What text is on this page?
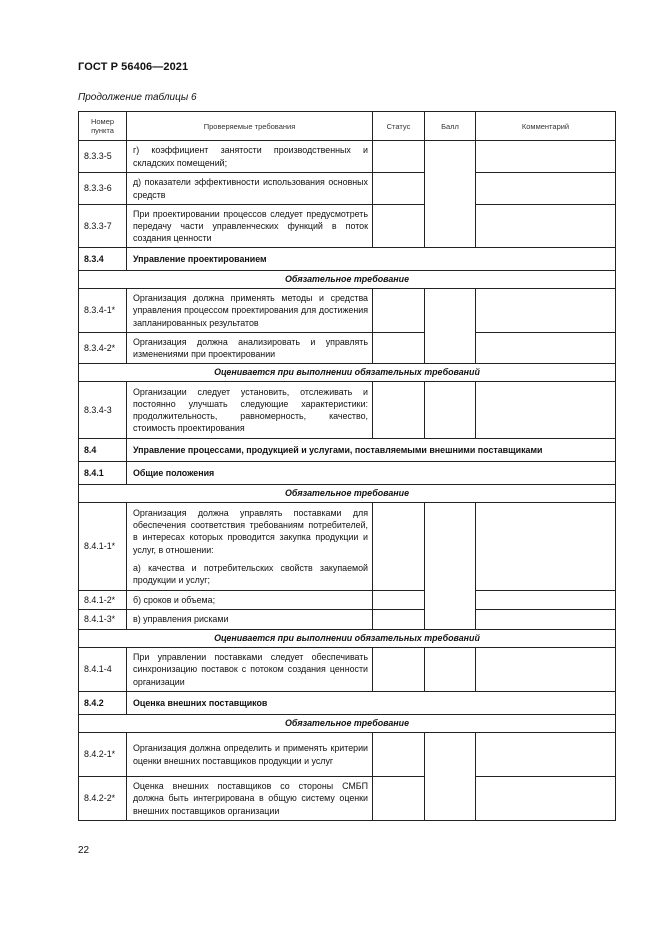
ГОСТ Р 56406—2021
Продолжение таблицы 6
Номер пункта	Проверяемые требования	Статус	Балл	Комментарий
8.3.3-5	г) коэффициент занятости производственных и складских помещений;			
8.3.3-6	д) показатели эффективности использования основных средств			
8.3.3-7	При проектировании процессов следует предусмотреть передачу части управленческих функций в поток создания ценности			
8.3.4	Управление проектированием			
Обязательное требование				
8.3.4-1*	Организация должна применять методы и средства управления процессом проектирования для достижения запланированных результатов			
8.3.4-2*	Организация должна анализировать и управлять изменениями при проектировании			
Оценивается при выполнении обязательных требований				
8.3.4-3	Организации следует установить, отслеживать и постоянно улучшать следующие характеристики: продолжительность, равномерность, качество, стоимость проектирования			
8.4	Управление процессами, продукцией и услугами, поставляемыми внешними поставщиками			
8.4.1	Общие положения			
Обязательное требование				
8.4.1-1*	Организация должна управлять поставками для обеспечения соответствия требованиям потребителей, в интересах которых проводится закупка продукции и услуг, в отношении:
а) качества и потребительских свойств закупаемой продукции и услуг;			
8.4.1-2*	б) сроков и объема;			
8.4.1-3*	в) управления рисками			
Оценивается при выполнении обязательных требований				
8.4.1-4	При управлении поставками следует обеспечивать синхронизацию поставок с потоком создания ценности организации			
8.4.2	Оценка внешних поставщиков			
Обязательное требование				
8.4.2-1*	Организация должна определить и применять критерии оценки внешних поставщиков продукции и услуг			
8.4.2-2*	Оценка внешних поставщиков со стороны СМБП должна быть интегрирована в общую систему оценки внешних поставщиков организации			
22
